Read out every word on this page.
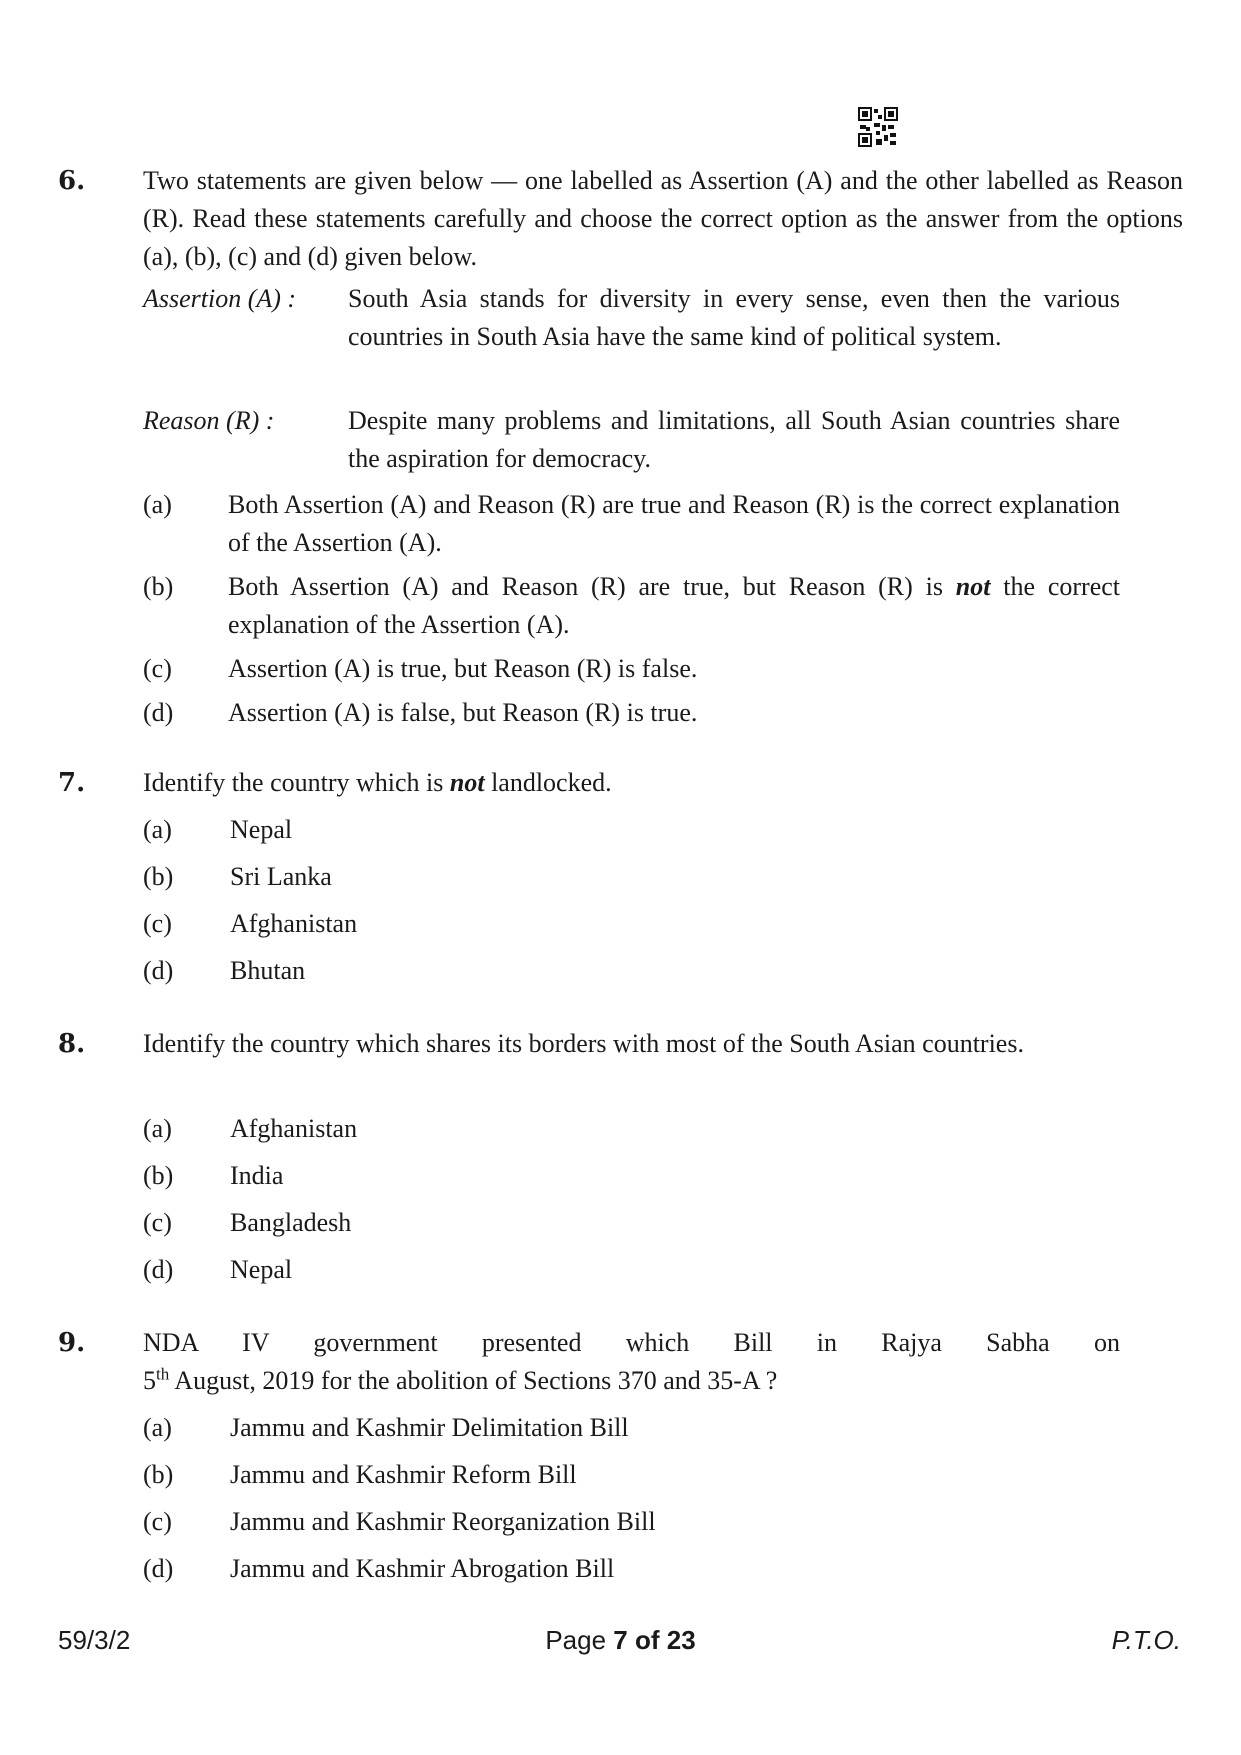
6. Two statements are given below — one labelled as Assertion (A) and the other labelled as Reason (R). Read these statements carefully and choose the correct option as the answer from the options (a), (b), (c) and (d) given below.
Assertion (A) : South Asia stands for diversity in every sense, even then the various countries in South Asia have the same kind of political system.
Reason (R) :	Despite many problems and limitations, all South Asian countries share the aspiration for democracy.
(a) Both Assertion (A) and Reason (R) are true and Reason (R) is the correct explanation of the Assertion (A).
(b) Both Assertion (A) and Reason (R) are true, but Reason (R) is not the correct explanation of the Assertion (A).
(c) Assertion (A) is true, but Reason (R) is false.
(d) Assertion (A) is false, but Reason (R) is true.
7. Identify the country which is not landlocked.
(a) Nepal
(b) Sri Lanka
(c) Afghanistan
(d) Bhutan
8. Identify the country which shares its borders with most of the South Asian countries.
(a) Afghanistan
(b) India
(c) Bangladesh
(d) Nepal
9. NDA IV government presented which Bill in Rajya Sabha on
5th August, 2019 for the abolition of Sections 370 and 35-A ?
(a) Jammu and Kashmir Delimitation Bill
(b) Jammu and Kashmir Reform Bill
(c) Jammu and Kashmir Reorganization Bill
(d) Jammu and Kashmir Abrogation Bill
59/3/2	Page 7 of 23	P.T.O.
